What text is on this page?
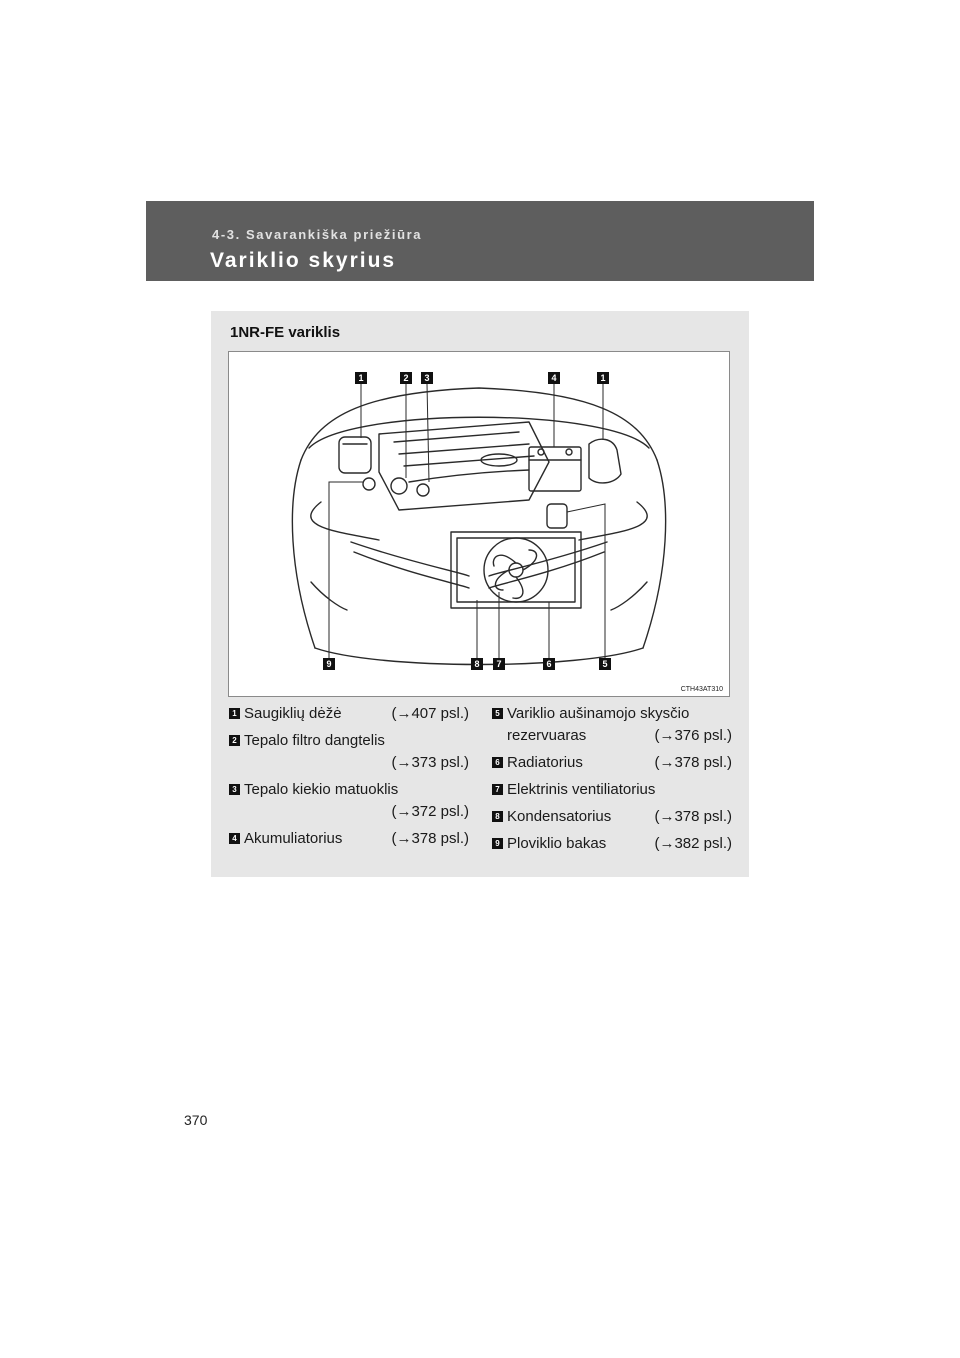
4-3. Savarankiška priežiūra
Variklio skyrius
1NR-FE variklis
1	2	3	4	1
9	8	7	6	5
CTH43AT310
1 Saugiklių dėžė	(→407 psl.)
2 Tepalo filtro dangtelis
(→373 psl.)
3 Tepalo kiekio matuoklis
(→372 psl.)
4 Akumuliatorius	(→378 psl.)
5 Variklio aušinamojo skysčio
rezervuaras	(→376 psl.)
6 Radiatorius	(→378 psl.)
7 Elektrinis ventiliatorius
8 Kondensatorius	(→378 psl.)
9 Ploviklio bakas	(→382 psl.)
370
